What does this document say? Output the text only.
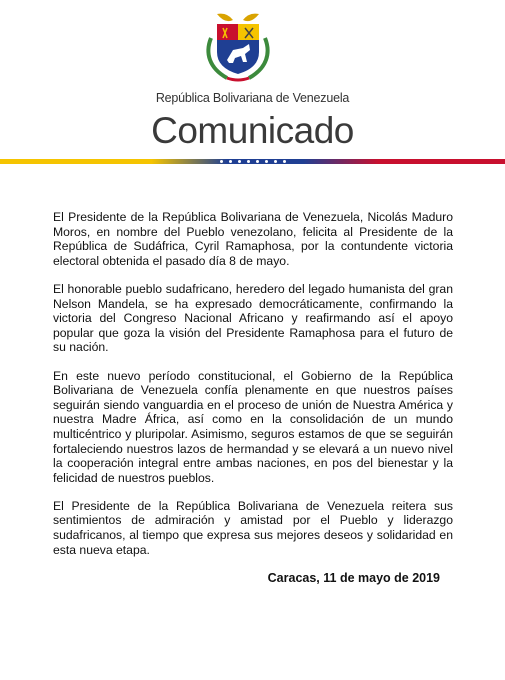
República Bolivariana de Venezuela
Comunicado

El Presidente de la República Bolivariana de Venezuela, Nicolás Maduro Moros, en nombre del Pueblo venezolano, felicita al Presidente de la República de Sudáfrica, Cyril Ramaphosa, por la contundente victoria electoral obtenida el pasado día 8 de mayo.

El honorable pueblo sudafricano, heredero del legado humanista del gran Nelson Mandela, se ha expresado democráticamente, confirmando la victoria del Congreso Nacional Africano y reafirmando así el apoyo popular que goza la visión del Presidente Ramaphosa para el futuro de su nación.

En este nuevo período constitucional, el Gobierno de la República Bolivariana de Venezuela confía plenamente en que nuestros países seguirán siendo vanguardia en el proceso de unión de Nuestra América y nuestra Madre África, así como en la consolidación de un mundo multicéntrico y pluripolar. Asimismo, seguros estamos de que se seguirán fortaleciendo nuestros lazos de hermandad y se elevará a un nuevo nivel la cooperación integral entre ambas naciones, en pos del bienestar y la felicidad de nuestros pueblos.

El Presidente de la República Bolivariana de Venezuela reitera sus sentimientos de admiración y amistad por el Pueblo y liderazgo sudafricanos, al tiempo que expresa sus mejores deseos y solidaridad en esta nueva etapa.

Caracas, 11 de mayo de 2019
